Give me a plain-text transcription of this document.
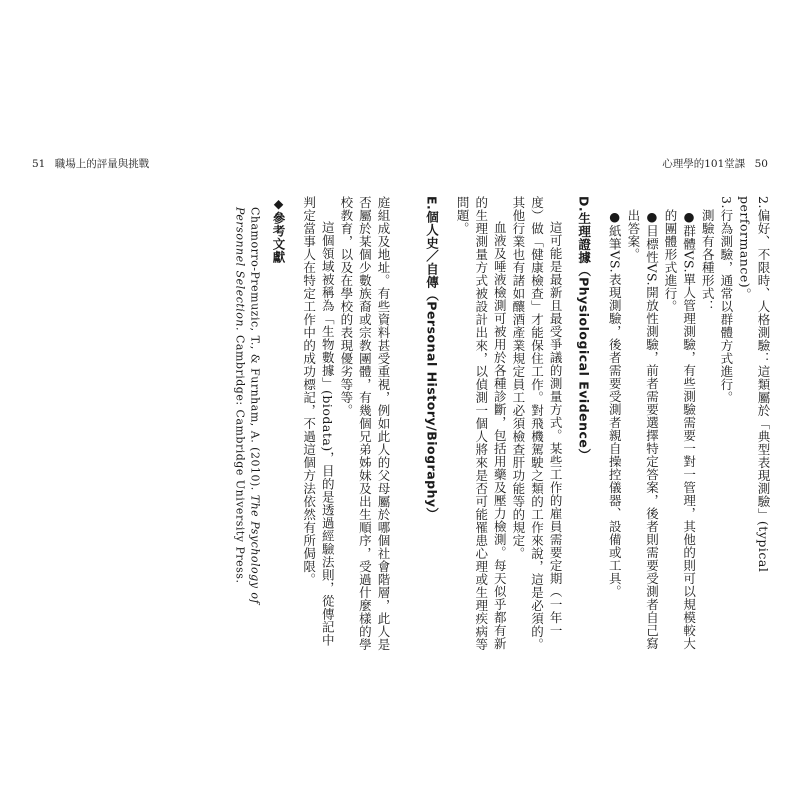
51 職場上的評量與挑戰	心理學的101堂課 50

2.偏好、不限時、人格測驗：這類屬於「典型表現測驗」(typical performance)。

3.行為測驗，通常以群體方式進行。

測驗有各種形式：

●群體VS.單人管理測驗，有些測驗需要一對一管理，其他的則可以規模較大的團體形式進行。

●目標性VS.開放性測驗，前者需要選擇特定答案，後者則需要受測者自己寫出答案。

●紙筆VS.表現測驗，後者需要受測者親自操控儀器、設備或工具。

D.生理證據（Physiological Evidence）

這可能是最新且最受爭議的測量方式。某些工作的雇員需要定期（一年一度）做「健康檢查」才能保住工作。對飛機駕駛之類的工作來說，這是必須的。其他行業也有諸如釀酒產業規定員工必須檢查肝功能等的規定。

血液及唾液檢測可被用於各種診斷，包括用藥及壓力檢測。每天似乎都有新的生理測量方式被設計出來，以偵測一個人將來是否可能罹患心理或生理疾病等問題。

E.個人史／自傳（Personal History/Biography）

庭組成及地址。有些資料甚受重視，例如此人的父母屬於哪個社會階層，此人是否屬於某個少數族裔或宗教團體，有幾個兄弟姊妹及出生順序，受過什麼樣的學校教育，以及在學校的表現優劣等等。

這個領域被稱為「生物數據」(biodata)，目的是透過經驗法則，從傳記中判定當事人在特定工作中的成功標記，不過這個方法依然有所侷限。

◆參考文獻

Chamorro-Premuzic, T., & Furnham, A. (2010). The Psychology of Personnel Selection. Cambridge: Cambridge University Press.
